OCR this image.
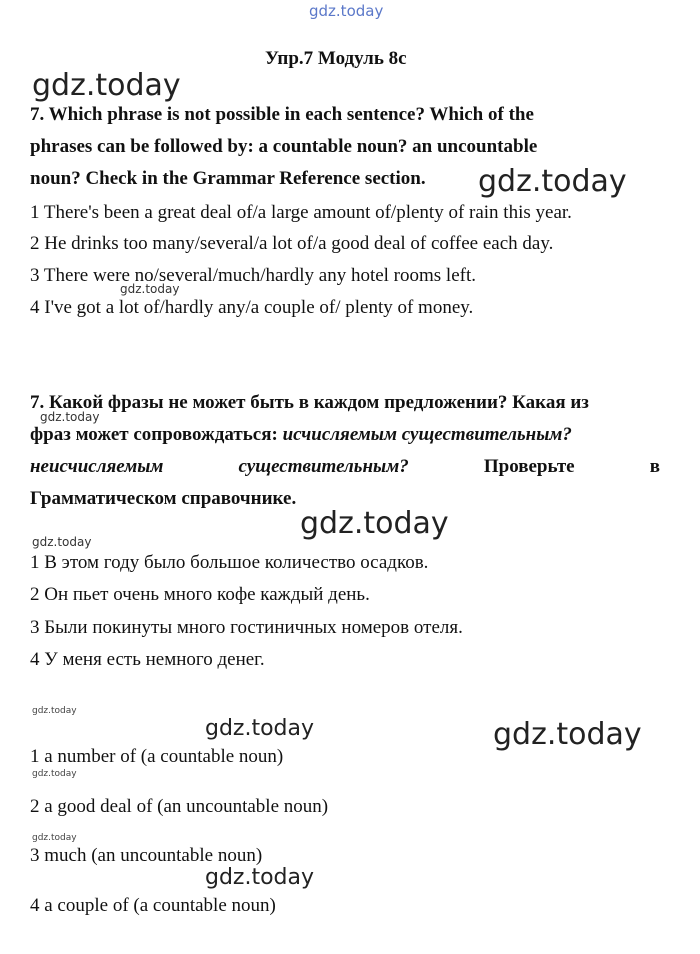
gdz.today
gdz.today
gdz.today
gdz.today
gdz.today
gdz.today
gdz.today
gdz.today
gdz.today	gdz.today
gdz.today
gdz.today
gdz.today
Упр.7 Модуль 8с
7. Which phrase is not possible in each sentence? Which of the
phrases can be followed by: a countable noun? an uncountable
noun? Check in the Grammar Reference section.
1 There's been a great deal of/a large amount of/plenty of rain this year.
2 He drinks too many/several/a lot of/a good deal of coffee each day.
3 There were no/several/much/hardly any hotel rooms left.
4 I've got a lot of/hardly any/a couple of/ plenty of money.
7. Какой фразы не может быть в каждом предложении? Какая из
фраз может сопровождаться: исчисляемым существительным?
неисчисляемым	существительным?	Проверьте	в
Грамматическом справочнике.
1 В этом году было большое количество осадков.
2 Он пьет очень много кофе каждый день.
3 Были покинуты много гостиничных номеров отеля.
4 У меня есть немного денег.
1 a number of (a countable noun)
2 a good deal of (an uncountable noun)
3 much (an uncountable noun)
4 a couple of (a countable noun)
